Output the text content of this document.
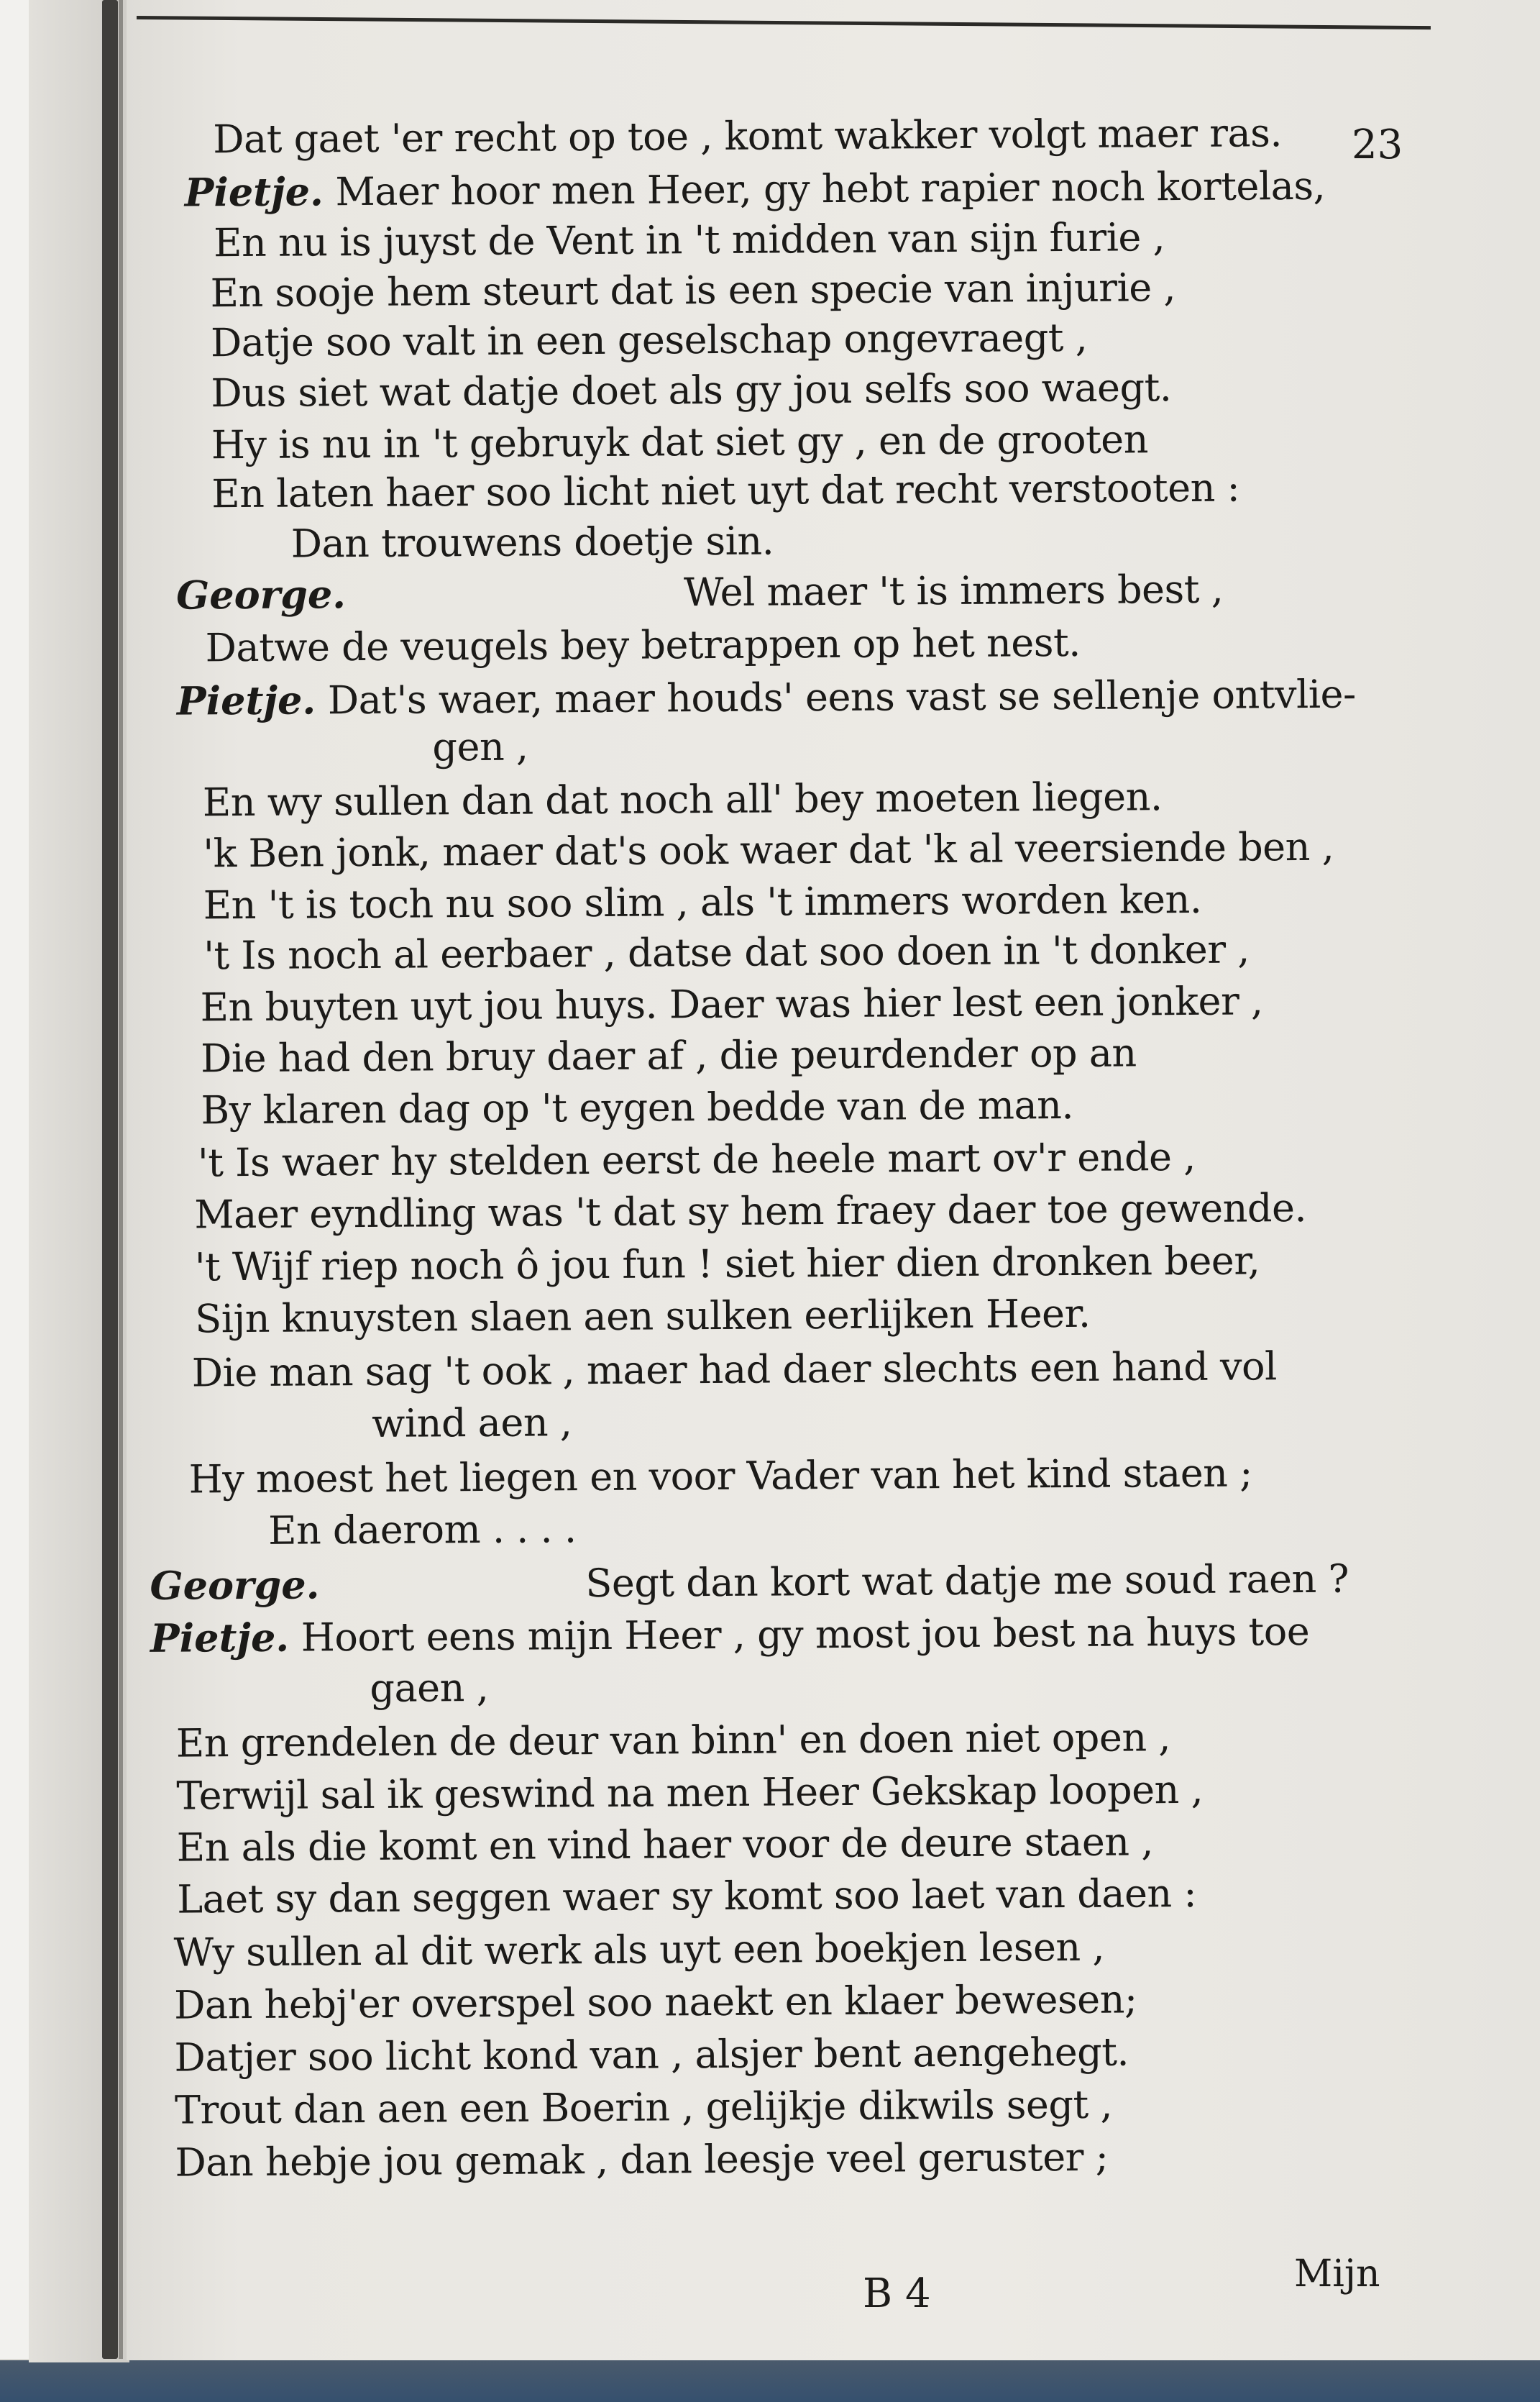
23
Dat gaet 'er recht op toe , komt wakker volgt maer ras.
Pietje. Maer hoor men Heer, gy hebt rapier noch kortelas,
En nu is juyst de Vent in 't midden van sijn furie ,
En sooje hem steurt dat is een specie van injurie ,
Datje soo valt in een geselschap ongevraegt ,
Dus siet wat datje doet als gy jou selfs soo waegt.
Hy is nu in 't gebruyk dat siet gy , en de grooten
En laten haer soo licht niet uyt dat recht verstooten :
Dan trouwens doetje sin.
George.	Wel maer 't is immers best ,
Datwe de veugels bey betrappen op het nest.
Pietje. Dat's waer, maer houds' eens vast se sellenje ontvlie-
gen ,
En wy sullen dan dat noch all' bey moeten liegen.
'k Ben jonk, maer dat's ook waer dat 'k al veersiende ben ,
En 't is toch nu soo slim , als 't immers worden ken.
't Is noch al eerbaer , datse dat soo doen in 't donker ,
En buyten uyt jou huys. Daer was hier lest een jonker ,
Die had den bruy daer af , die peurdender op an
By klaren dag op 't eygen bedde van de man.
't Is waer hy stelden eerst de heele mart ov'r ende ,
Maer eyndling was 't dat sy hem fraey daer toe gewende.
't Wijf riep noch ô jou fun ! siet hier dien dronken beer,
Sijn knuysten slaen aen sulken eerlijken Heer.
Die man sag 't ook , maer had daer slechts een hand vol
wind aen ,
Hy moest het liegen en voor Vader van het kind staen ;
En daerom . . . .
George.	Segt dan kort wat datje me soud raen ?
Pietje. Hoort eens mijn Heer , gy most jou best na huys toe
gaen ,
En grendelen de deur van binn' en doen niet open ,
Terwijl sal ik geswind na men Heer Gekskap loopen ,
En als die komt en vind haer voor de deure staen ,
Laet sy dan seggen waer sy komt soo laet van daen :
Wy sullen al dit werk als uyt een boekjen lesen ,
Dan hebj'er overspel soo naekt en klaer bewesen;
Datjer soo licht kond van , alsjer bent aengehegt.
Trout dan aen een Boerin , gelijkje dikwils segt ,
Dan hebje jou gemak , dan leesje veel geruster ;
B 4	Mijn
